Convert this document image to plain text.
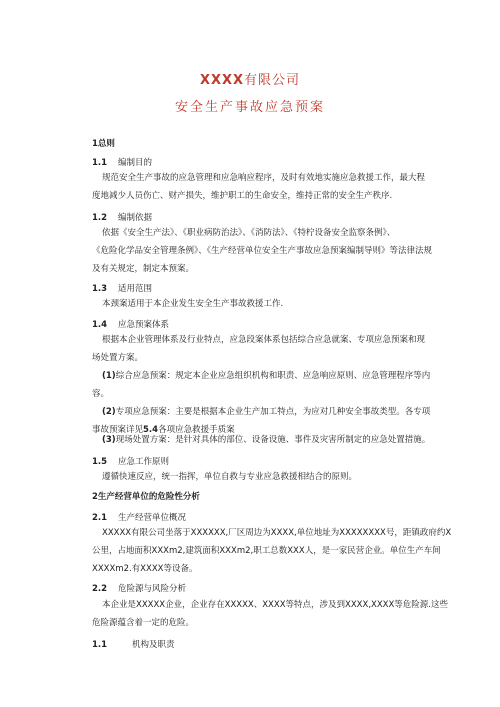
XXXX有限公司
安全生产事故应急预案
1总则
1.1 编制目的
规范安全生产事故的应急管理和应急响应程序，及时有效地实施应急救援工作，最大程
度地减少人员伤亡、财产损失，维护职工的生命安全，维持正常的安全生产秩序.
1.2 编制依据
依据《安全生产法》、《职业病防治法》、《消防法》、《特柠设备安全监察条例》、
《危险化学品安全管理条例》、《生产经营单位安全生产事故应急预案编制导则》等法律法规
及有关规定，制定本预案。
1.3 适用范围
本颈案适用于本企业发生安全生产事故救援工作.
1.4 应急预案体系
根据本企业管理体系及行业特点，应急段案体系包括综合应急就案、专项应急预案和现
场处置方案。
(1)综合应急预案：规定本企业应急组织机构和职责、应急响应原则、应急管理程序等内
容。
(2)专项应急预案：主要是根据本企业生产加工特点，为应对几种安全事故类型。各专项
事故预案详见5.4各项应急救援手质案
(3)现场处置方案：是针对具体的部位、设备设施、事件及灾害所制定的应急处置措施。
1.5 应急工作原则
遵循快速反应，统一指挥，单位自救与专业应急救援相结合的原则。
2生产经营单位的危险性分析
2.1 生产经营单位概况
XXXXX有限公司坐落于XXXXXX,厂区周边为XXXX,单位地址为XXXXXXXX号，距镇政府约X
公里，占地面积XXXm2,建筑面积XXXm2,职工总数XXX人，是一家民营企业。单位生产车间
XXXXm2.有XXXX等设备。
2.2 危险源与风险分析
本企业是XXXXX企业，企业存在XXXXX、XXXX等特点，涉及到XXXX,XXXX等危险源.这些
危险源蕴含着一定的危险。
1.1	机构及职责
